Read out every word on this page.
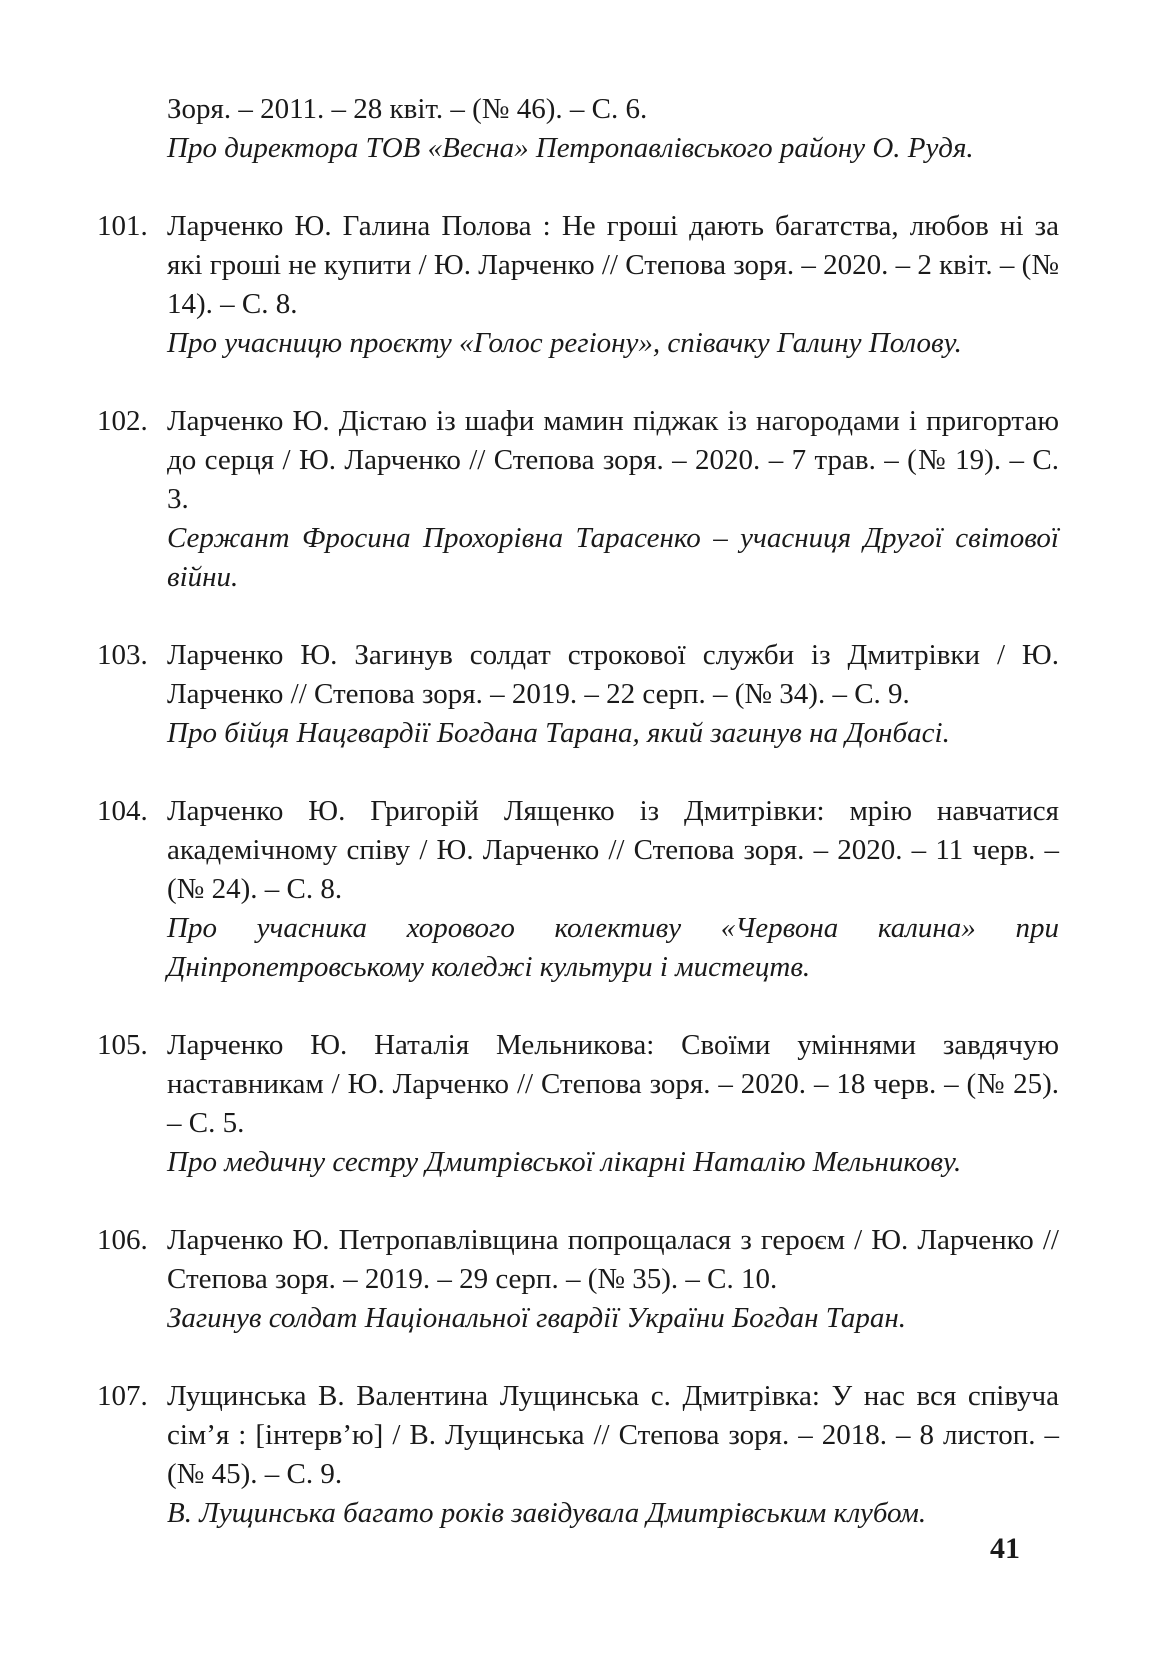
Зоря. – 2011. – 28 квіт. – (№ 46). – С. 6.

Про директора ТОВ «Весна» Петропавлівського району О. Рудя.

101. Ларченко Ю. Галина Полова : Не гроші дають багатства, любов ні за які гроші не купити / Ю. Ларченко // Степова зоря. – 2020. – 2 квіт. – (№ 14). – С. 8.

Про учасницю проєкту «Голос регіону», співачку Галину Полову.

102. Ларченко Ю. Дістаю із шафи мамин піджак із нагородами і пригортаю до серця / Ю. Ларченко // Степова зоря. – 2020. – 7 трав. – (№ 19). – С. 3.

Сержант Фросина Прохорівна Тарасенко – учасниця Другої світової війни.

103. Ларченко Ю. Загинув солдат строкової служби із Дмитрівки / Ю. Ларченко // Степова зоря. – 2019. – 22 серп. – (№ 34). – С. 9.

Про бійця Нацгвардії Богдана Тарана, який загинув на Донбасі.

104. Ларченко Ю. Григорій Лященко із Дмитрівки: мрію навчатися академічному співу / Ю. Ларченко // Степова зоря. – 2020. – 11 черв. – (№ 24). – С. 8.

Про учасника хорового колективу «Червона калина» при Дніпропетровському коледжі культури і мистецтв.

105. Ларченко Ю. Наталія Мельникова: Своїми уміннями завдячую наставникам / Ю. Ларченко // Степова зоря. – 2020. – 18 черв. – (№ 25). – С. 5.

Про медичну сестру Дмитрівської лікарні Наталію Мельникову.

106. Ларченко Ю. Петропавлівщина попрощалася з героєм / Ю. Ларченко // Степова зоря. – 2019. – 29 серп. – (№ 35). – С. 10.

Загинув солдат Національної гвардії України Богдан Таран.

107. Лущинська В. Валентина Лущинська с. Дмитрівка: У нас вся співуча сім’я : [інтерв’ю] / В. Лущинська // Степова зоря. – 2018. – 8 листоп. – (№ 45). – С. 9.

В. Лущинська багато років завідувала Дмитрівським клубом.

41
